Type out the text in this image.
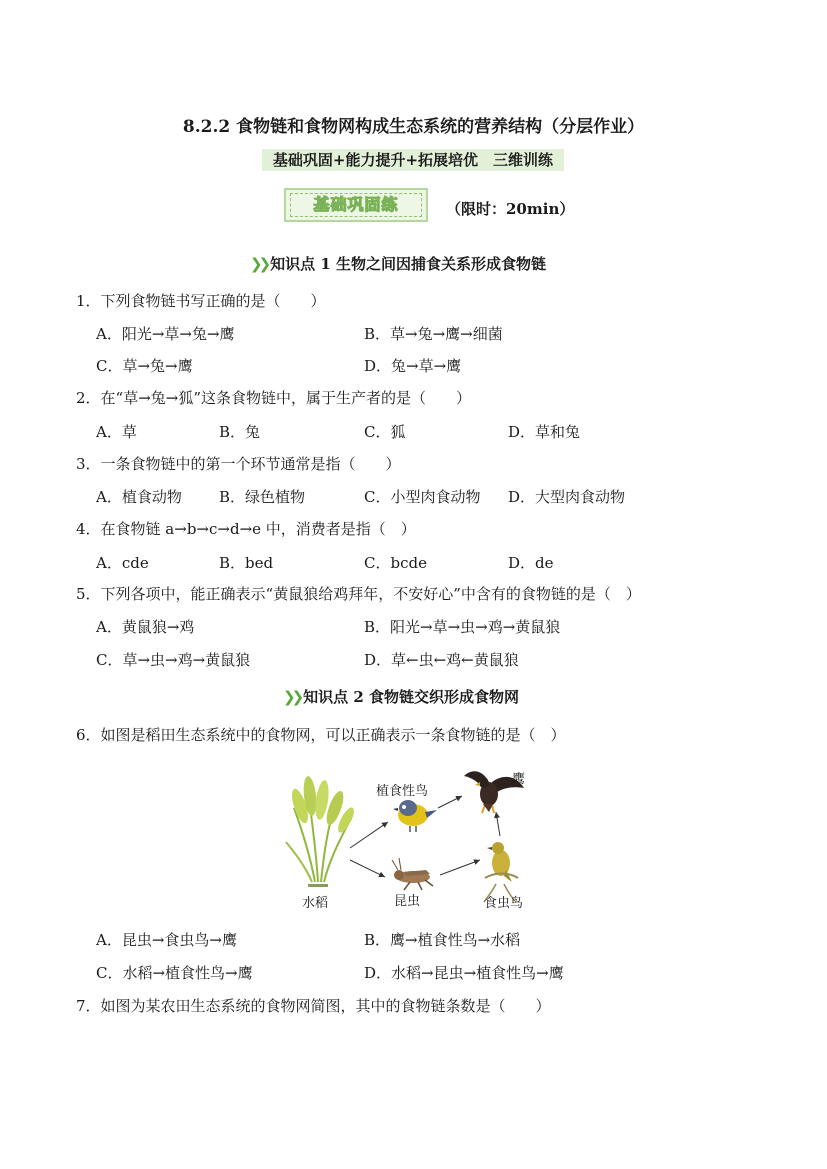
8.2.2 食物链和食物网构成生态系统的营养结构（分层作业）
基础巩固+能力提升+拓展培优　三维训练
基础巩固练	（限时：20min）
❯❯ 知识点 1 生物之间因捕食关系形成食物链
1．下列食物链书写正确的是（　　）
A．阳光→草→兔→鹰	B．草→兔→鹰→细菌
C．草→兔→鹰	D．兔→草→鹰
2．在“草→兔→狐”这条食物链中，属于生产者的是（　　）
A．草	B．兔	C．狐	D．草和兔
3．一条食物链中的第一个环节通常是指（　　）
A．植食动物 B．绿色植物	C．小型肉食动物 D．大型肉食动物
4．在食物链 a→b→c→d→e 中，消费者是指（　）
A．cde	B．bed	C．bcde	D．de
5．下列各项中，能正确表示“黄鼠狼给鸡拜年，不安好心”中含有的食物链的是（　）
A．黄鼠狼→鸡	B．阳光→草→虫→鸡→黄鼠狼
C．草→虫→鸡→黄鼠狼	D．草←虫←鸡←黄鼠狼
❯❯ 知识点 2 食物链交织形成食物网
6．如图是稻田生态系统中的食物网，可以正确表示一条食物链的是（　）
植食性鸟
鹰
水稻	昆虫	食虫鸟
A．昆虫→食虫鸟→鹰	B．鹰→植食性鸟→水稻
C．水稻→植食性鸟→鹰	D．水稻→昆虫→植食性鸟→鹰
7．如图为某农田生态系统的食物网简图，其中的食物链条数是（　　）
